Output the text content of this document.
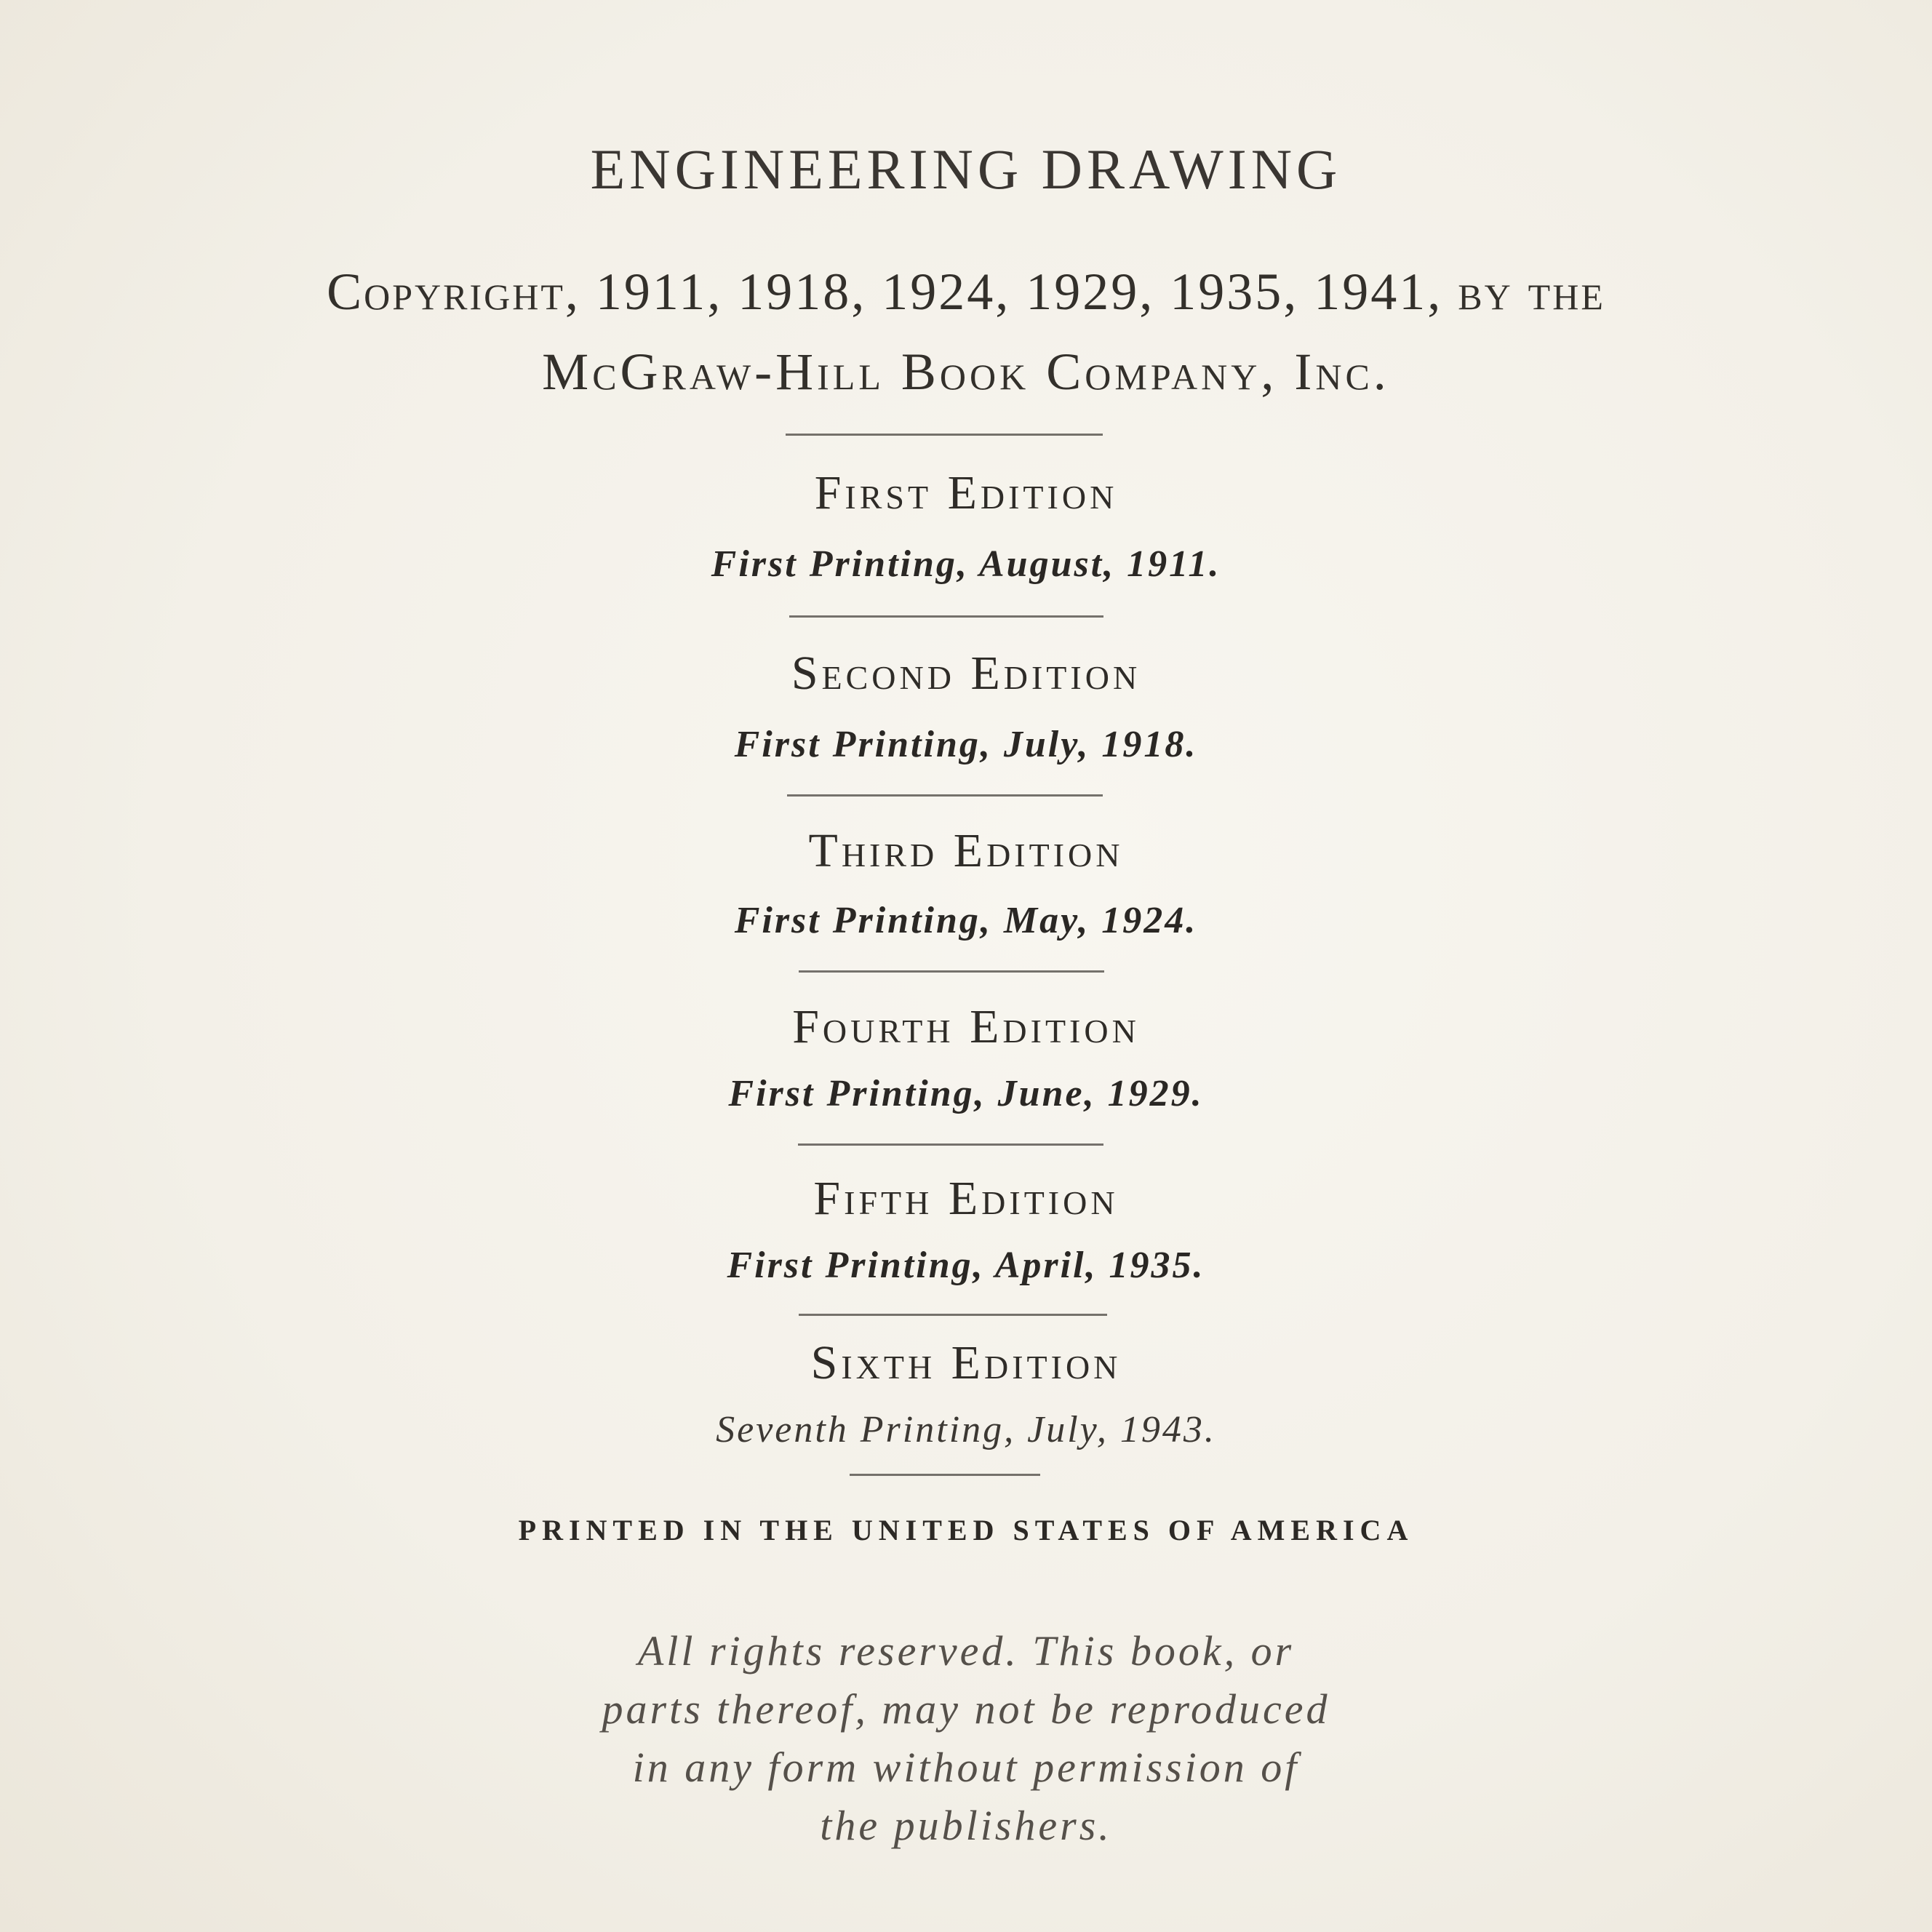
ENGINEERING DRAWING
Copyright, 1911, 1918, 1924, 1929, 1935, 1941, by the
McGraw-Hill Book Company, Inc.
First Edition
First Printing, August, 1911.
Second Edition
First Printing, July, 1918.
Third Edition
First Printing, May, 1924.
Fourth Edition
First Printing, June, 1929.
Fifth Edition
First Printing, April, 1935.
Sixth Edition
Seventh Printing, July, 1943.
PRINTED IN THE UNITED STATES OF AMERICA
All rights reserved. This book, or
parts thereof, may not be reproduced
in any form without permission of
the publishers.
